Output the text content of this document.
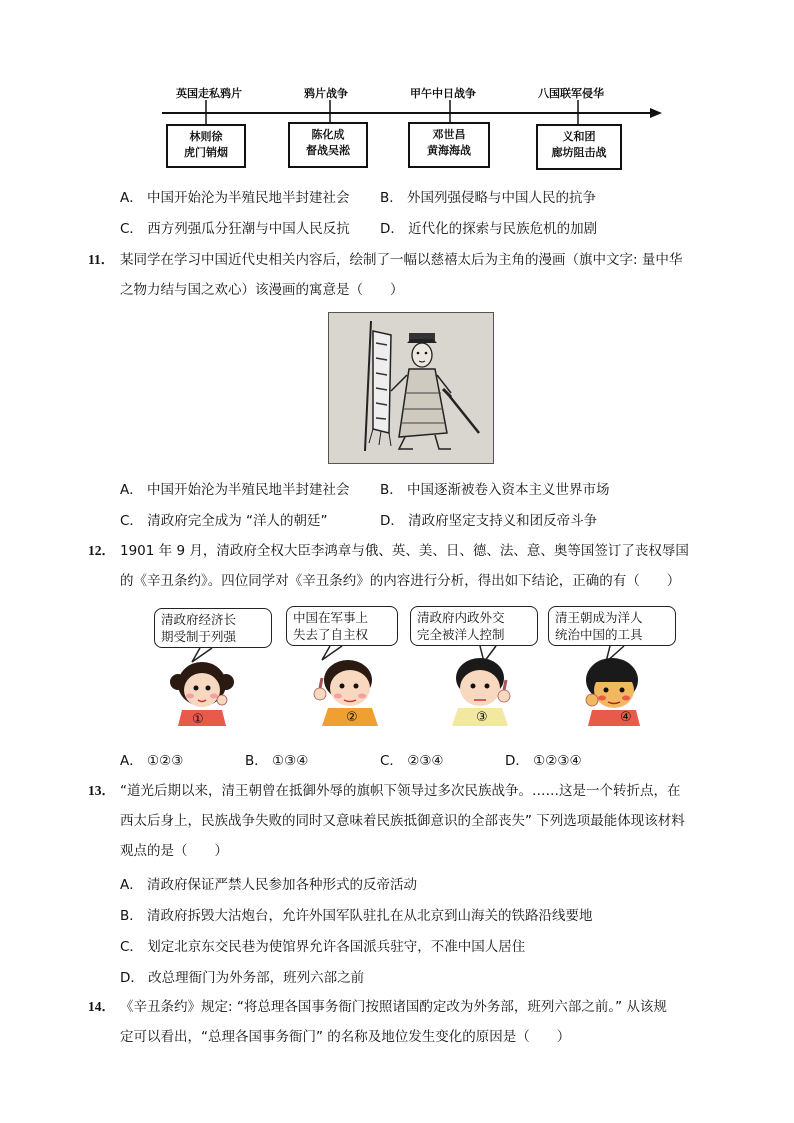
英国走私鸦片	鸦片战争	甲午中日战争	八国联军侵华
林则徐
虎门销烟
陈化成
督战吴淞
邓世昌
黄海海战
义和团
廊坊阻击战
A． 中国开始沦为半殖民地半封建社会 B． 外国列强侵略与中国人民的抗争
C． 西方列强瓜分狂潮与中国人民反抗 D． 近代化的探索与民族危机的加剧
11． 某同学在学习中国近代史相关内容后，绘制了一幅以慈禧太后为主角的漫画（旗中文字: 量中华
之物力结与国之欢心）该漫画的寓意是（　　）
A． 中国开始沦为半殖民地半封建社会 B． 中国逐渐被卷入资本主义世界市场
C． 清政府完全成为 “洋人的朝廷”	D． 清政府坚定支持义和团反帝斗争
12． 1901 年 9 月，清政府全权大臣李鸿章与俄、英、美、日、德、法、意、奥等国签订了丧权辱国
的《辛丑条约》。四位同学对《辛丑条约》的内容进行分析，得出如下结论，正确的有（　　）
清政府经济长
期受制于列强
中国在军事上
失去了自主权
清政府内政外交
完全被洋人控制
清王朝成为洋人
统治中国的工具
①	②	③	④
A． ①②③	B． ①③④	C． ②③④	D． ①②③④
13． “道光后期以来，清王朝曾在抵御外辱的旗帜下领导过多次民族战争。……这是一个转折点，在
西太后身上，民族战争失败的同时又意味着民族抵御意识的全部丧失” 下列选项最能体现该材料
观点的是（　　）
A． 清政府保证严禁人民参加各种形式的反帝活动
B． 清政府拆毁大沽炮台，允许外国军队驻扎在从北京到山海关的铁路沿线要地
C． 划定北京东交民巷为使馆界允许各国派兵驻守，不准中国人居住
D． 改总理衙门为外务部，班列六部之前
14． 《辛丑条约》规定: “将总理各国事务衙门按照诸国酌定改为外务部，班列六部之前。” 从该规
定可以看出，“总理各国事务衙门” 的名称及地位发生变化的原因是（　　）
